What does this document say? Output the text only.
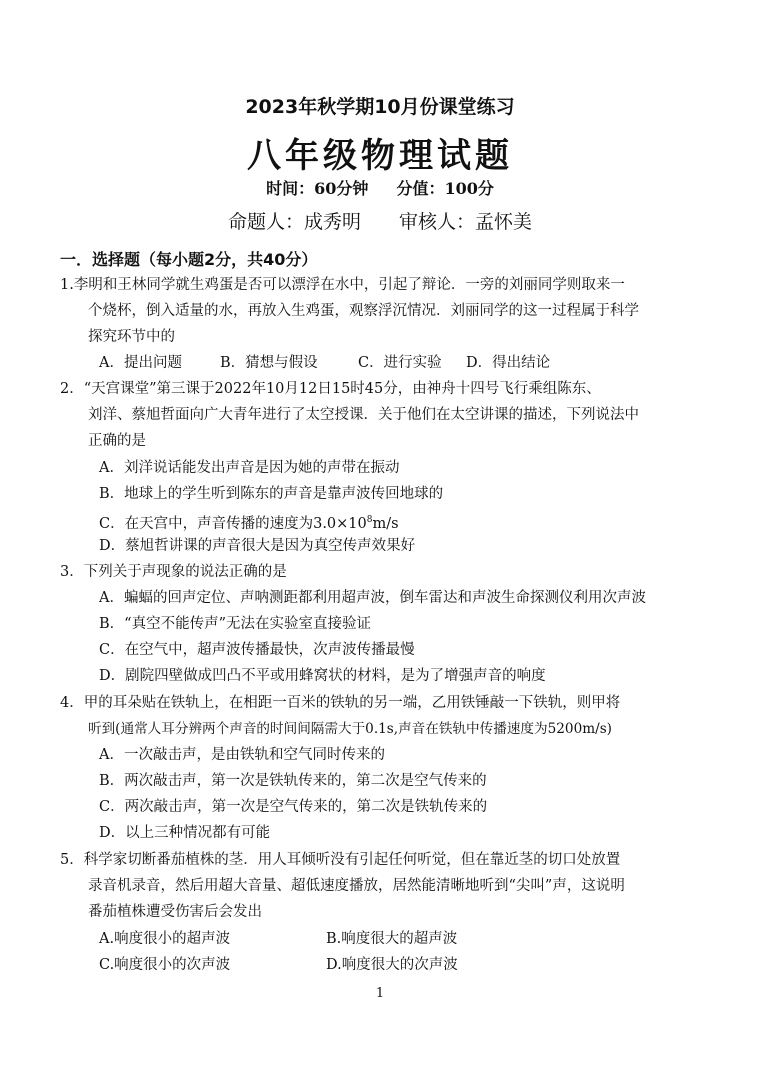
2023年秋学期10月份课堂练习
八年级物理试题
时间：60分钟 分值：100分
命题人：成秀明 审核人：孟怀美
一．选择题（每小题2分，共40分）
1.李明和王林同学就生鸡蛋是否可以漂浮在水中，引起了辩论．一旁的刘丽同学则取来一
个烧杯，倒入适量的水，再放入生鸡蛋，观察浮沉情况．刘丽同学的这一过程属于科学
探究环节中的
A．提出问题	B．猜想与假设	C．进行实验 D．得出结论
2．“天宫课堂”第三课于2022年10月12日15时45分，由神舟十四号飞行乘组陈东、
刘洋、蔡旭哲面向广大青年进行了太空授课．关于他们在太空讲课的描述，下列说法中
正确的是
A．刘洋说话能发出声音是因为她的声带在振动
B．地球上的学生听到陈东的声音是靠声波传回地球的
C．在天宫中，声音传播的速度为$3.0\times 10^8m/s$
D．蔡旭哲讲课的声音很大是因为真空传声效果好
3．下列关于声现象的说法正确的是
A．蝙蝠的回声定位、声呐测距都利用超声波，倒车雷达和声波生命探测仪利用次声波
B．“真空不能传声”无法在实验室直接验证
C．在空气中，超声波传播最快，次声波传播最慢
D．剧院四壁做成凹凸不平或用蜂窝状的材料，是为了增强声音的响度
4．甲的耳朵贴在铁轨上，在相距一百米的铁轨的另一端，乙用铁锤敲一下铁轨，则甲将
听到(通常人耳分辨两个声音的时间间隔需大于0.1s,声音在铁轨中传播速度为5200m/s)
A．一次敲击声，是由铁轨和空气同时传来的
B．两次敲击声，第一次是铁轨传来的，第二次是空气传来的
C．两次敲击声，第一次是空气传来的，第二次是铁轨传来的
D．以上三种情况都有可能
5．科学家切断番茄植株的茎．用人耳倾听没有引起任何听觉，但在靠近茎的切口处放置
录音机录音，然后用超大音量、超低速度播放，居然能清晰地听到“尖叫”声，这说明
番茄植株遭受伤害后会发出
A.响度很小的超声波	B.响度很大的超声波
C.响度很小的次声波	D.响度很大的次声波
1
